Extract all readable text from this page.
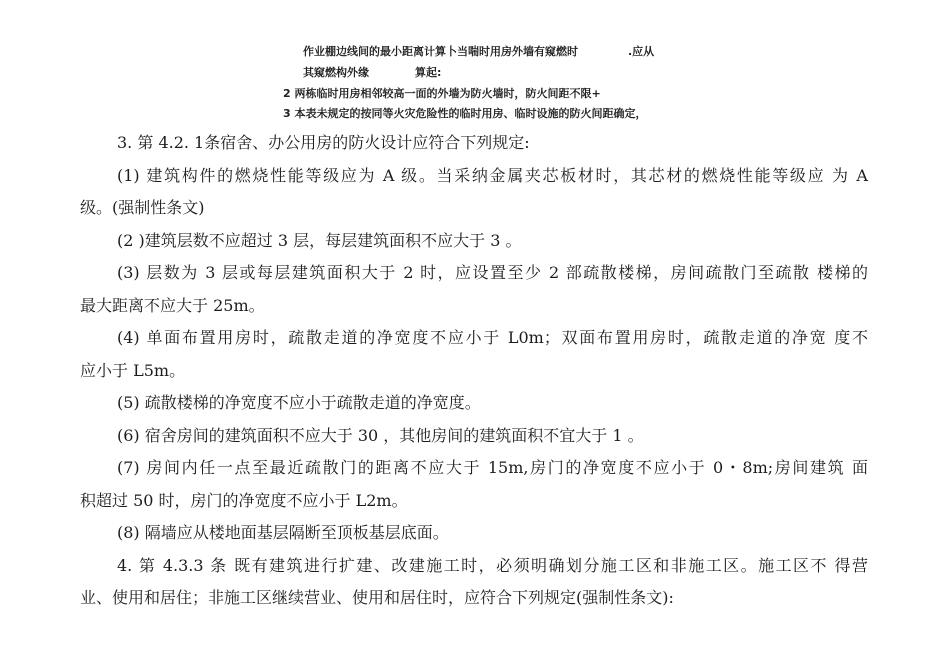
作业棚边线间的最小距离计算卜当喘时用房外墙有窥燃时	.应从
其窥燃构外缘	算起:
2 两栋临时用房相邻较高一面的外墙为防火墙时，防火间距不限+
3 本表未规定的按同等火灾危险性的临时用房、临时设施的防火间距确定，
3. 第 4.2. 1条宿舍、办公用房的防火设计应符合下列规定:
(1) 建筑构件的燃烧性能等级应为 A 级。当采纳金属夹芯板材时，其芯材的燃烧性能等级应 为 A
级。(强制性条文)
(2 )建筑层数不应超过 3 层，每层建筑面积不应大于 3 。
(3) 层数为 3 层或每层建筑面积大于 2 时，应设置至少 2 部疏散楼梯，房间疏散门至疏散 楼梯的
最大距离不应大于 25m。
(4) 单面布置用房时，疏散走道的净宽度不应小于 L0m；双面布置用房时，疏散走道的净宽 度不
应小于 L5m。
(5) 疏散楼梯的净宽度不应小于疏散走道的净宽度。
(6) 宿舍房间的建筑面积不应大于 30 ，其他房间的建筑面积不宜大于 1 。
(7) 房间内任一点至最近疏散门的距离不应大于 15m,房门的净宽度不应小于 0・8m;房间建筑 面
积超过 50 时，房门的净宽度不应小于 L2m。
(8) 隔墙应从楼地面基层隔断至顶板基层底面。
4. 第 4.3.3 条 既有建筑进行扩建、改建施工时，必须明确划分施工区和非施工区。施工区不 得营
业、使用和居住；非施工区继续营业、使用和居住时，应符合下列规定(强制性条文):
